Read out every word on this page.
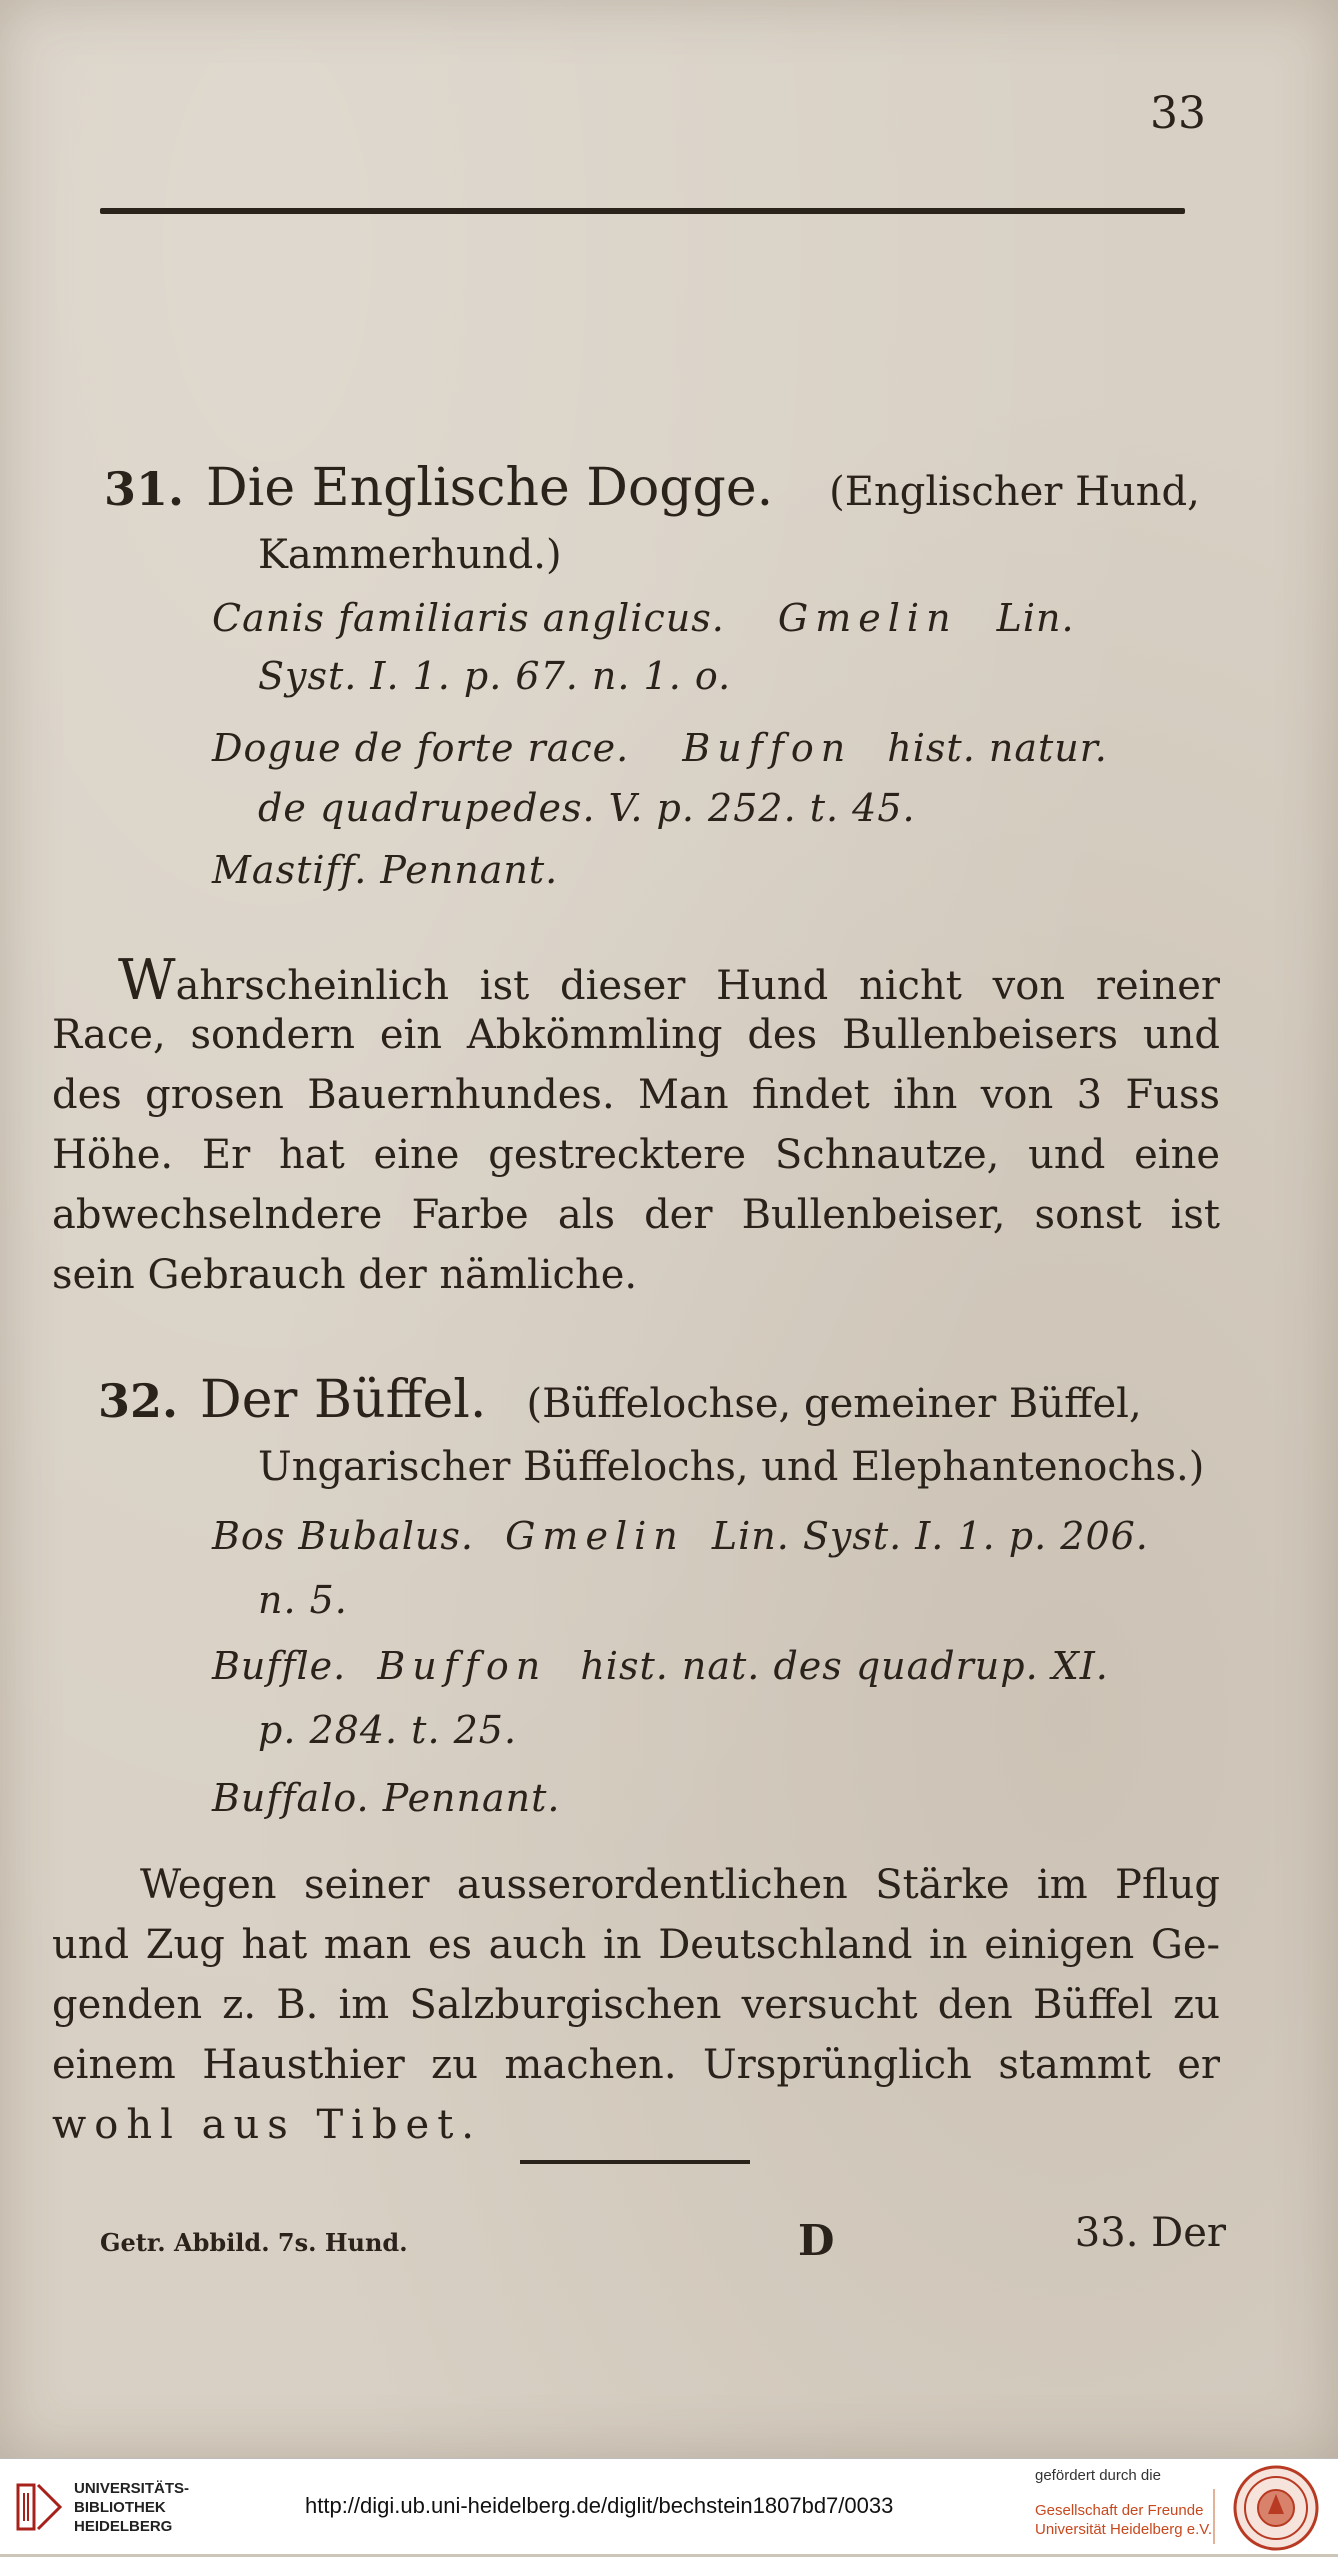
33
31. Die Englische Dogge. (Englischer Hund,
Kammerhund.)
Canis familiaris anglicus. Gmelin Lin.
Syst. I. 1. p. 67. n. 1. o.
Dogue de forte race. Buffon hist. natur.
de quadrupedes. V. p. 252. t. 45.
Mastiff. Pennant.
Wahrscheinlich ist dieser Hund nicht von reiner
Race, sondern ein Abkömmling des Bullenbeisers und
des grosen Bauernhundes. Man findet ihn von 3 Fuss
Höhe. Er hat eine gestrecktere Schnautze, und eine
abwechselndere Farbe als der Bullenbeiser, sonst ist
sein Gebrauch der nämliche.
32. Der Büffel. (Büffelochse, gemeiner Büffel,
Ungarischer Büffelochs, und Elephantenochs.)
Bos Bubalus. Gmelin Lin. Syst. I. 1. p. 206.
n. 5.
Buffle. Buffon hist. nat. des quadrup. XI.
p. 284. t. 25.
Buffalo. Pennant.
Wegen seiner ausserordentlichen Stärke im Pflug
und Zug hat man es auch in Deutschland in einigen Ge-
genden z. B. im Salzburgischen versucht den Büffel zu
einem Hausthier zu machen. Ursprünglich stammt er
wohl aus Tibet.
Getr. Abbild. 7s. Hund.	D	33. Der
UNIVERSITÄTS-
BIBLIOTHEK
HEIDELBERG
http://digi.ub.uni-heidelberg.de/diglit/bechstein1807bd7/0033
gefördert durch die
Gesellschaft der Freunde
Universität Heidelberg e.V.
